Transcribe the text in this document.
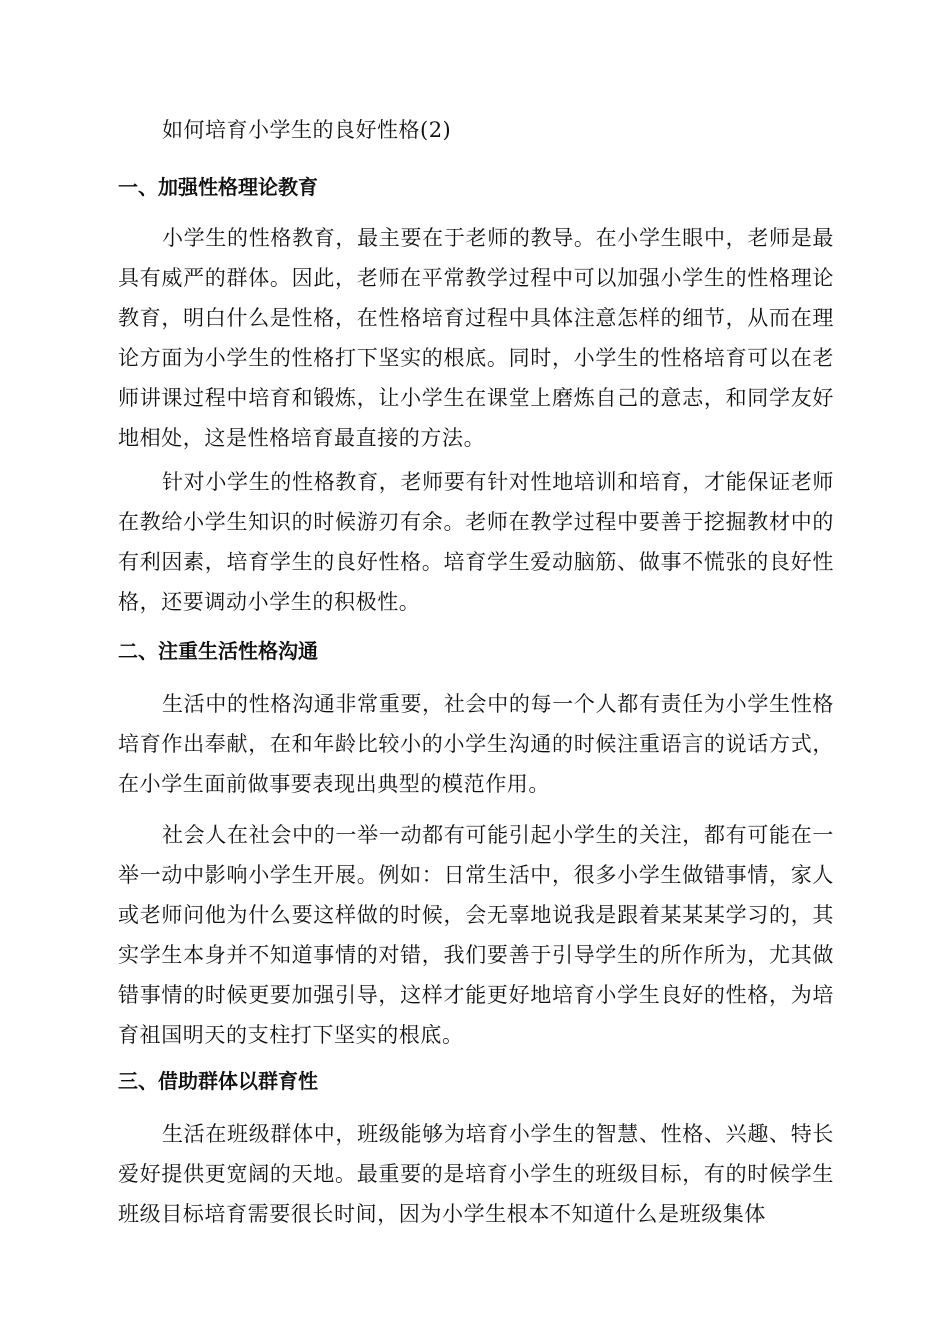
如何培育小学生的良好性格(2)
一、加强性格理论教育

小学生的性格教育，最主要在于老师的教导。在小学生眼中，老师是最具有威严的群体。因此，老师在平常教学过程中可以加强小学生的性格理论教育，明白什么是性格，在性格培育过程中具体注意怎样的细节，从而在理论方面为小学生的性格打下坚实的根底。同时，小学生的性格培育可以在老师讲课过程中培育和锻炼，让小学生在课堂上磨炼自己的意志，和同学友好地相处，这是性格培育最直接的方法。

针对小学生的性格教育，老师要有针对性地培训和培育，才能保证老师在教给小学生知识的时候游刃有余。老师在教学过程中要善于挖掘教材中的有利因素，培育学生的良好性格。培育学生爱动脑筋、做事不慌张的良好性格，还要调动小学生的积极性。

二、注重生活性格沟通

生活中的性格沟通非常重要，社会中的每一个人都有责任为小学生性格培育作出奉献，在和年龄比较小的小学生沟通的时候注重语言的说话方式，在小学生面前做事要表现出典型的模范作用。

社会人在社会中的一举一动都有可能引起小学生的关注，都有可能在一举一动中影响小学生开展。例如：日常生活中，很多小学生做错事情，家人或老师问他为什么要这样做的时候，会无辜地说我是跟着某某某学习的，其实学生本身并不知道事情的对错，我们要善于引导学生的所作所为，尤其做错事情的时候更要加强引导，这样才能更好地培育小学生良好的性格，为培育祖国明天的支柱打下坚实的根底。

三、借助群体以群育性

生活在班级群体中，班级能够为培育小学生的智慧、性格、兴趣、特长爱好提供更宽阔的天地。最重要的是培育小学生的班级目标，有的时候学生班级目标培育需要很长时间，因为小学生根本不知道什么是班级集体
